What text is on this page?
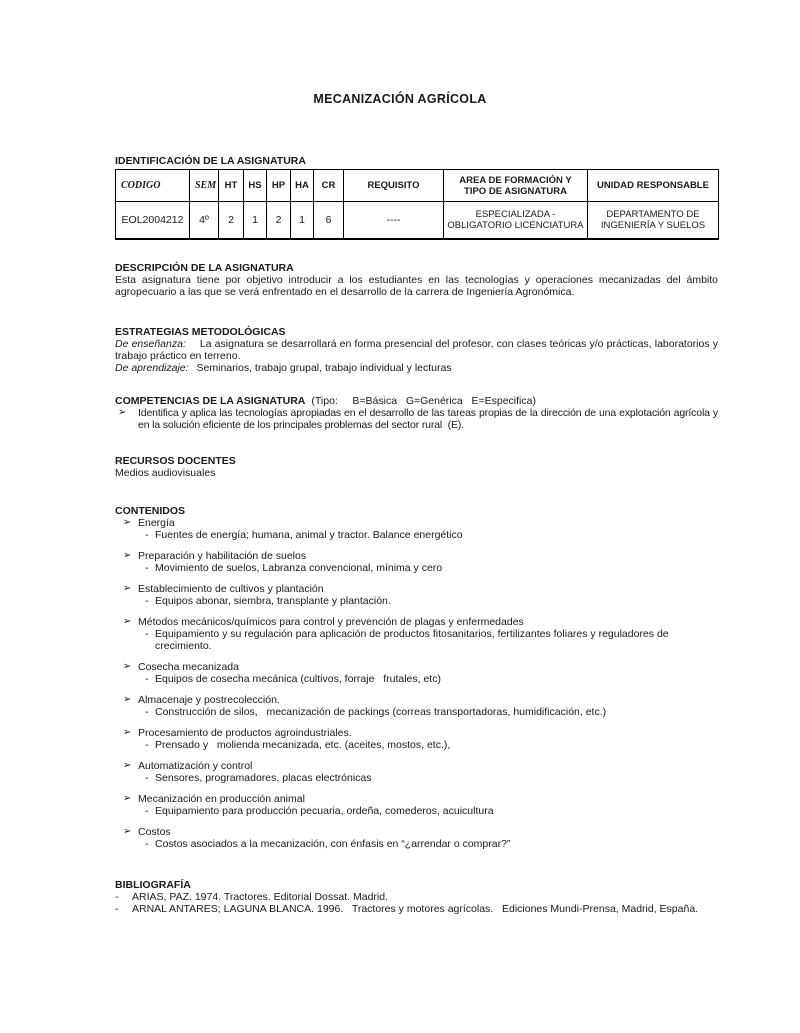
MECANIZACIÓN AGRÍCOLA

IDENTIFICACIÓN DE LA ASIGNATURA

CODIGO	SEM	HT	HS	HP	HA	CR	REQUISITO	AREA DE FORMACIÓN Y TIPO DE ASIGNATURA	UNIDAD RESPONSABLE
EOL2004212	4º	2	1	2	1	6	----	ESPECIALIZADA - OBLIGATORIO LICENCIATURA	DEPARTAMENTO DE INGENIERÍA Y SUELOS

DESCRIPCIÓN DE LA ASIGNATURA

Esta asignatura tiene por objetivo introducir a los estudiantes en las tecnologías y operaciones mecanizadas del ámbito agropecuario a las que se verá enfrentado en el desarrollo de la carrera de Ingeniería Agronómica.

ESTRATEGIAS METODOLÓGICAS

De enseñanza: La asignatura se desarrollará en forma presencial del profesor, con clases teóricas y/o prácticas, laboratorios y trabajo práctico en terreno.

De aprendizaje: Seminarios, trabajo grupal, trabajo individual y lecturas

COMPETENCIAS DE LA ASIGNATURA (Tipo:     B=Básica   G=Genérica   E=Especifica)

➢ Identifica y aplica las tecnologías apropiadas en el desarrollo de las tareas propias de la dirección de una explotación agrícola y en la solución eficiente de los principales problemas del sector rural  (E).

RECURSOS DOCENTES

Medios audiovisuales

CONTENIDOS

➢ Energía
- Fuentes de energía; humana, animal y tractor. Balance energético
➢ Preparación y habilitación de suelos
- Movimiento de suelos, Labranza convencional, mínima y cero
➢ Establecimiento de cultivos y plantación
- Equipos abonar, siembra, transplante y plantación.
➢ Métodos mecánicos/químicos para control y prevención de plagas y enfermedades
- Equipamiento y su regulación para aplicación de productos fitosanitarios, fertilizantes foliares y reguladores de crecimiento.
➢ Cosecha mecanizada
- Equipos de cosecha mecánica (cultivos, forraje   frutales, etc)
➢ Almacenaje y postrecolección.
- Construcción de silos,   mecanización de packings (correas transportadoras, humidificación, etc.)
➢ Procesamiento de productos agroindustriales.
- Prensado y   molienda mecanizada, etc. (aceites, mostos, etc.),
➢ Automatización y control
- Sensores, programadores, placas electrónicas
➢ Mecanización en producción animal
- Equipamiento para producción pecuaria, ordeña, comederos, acuicultura
➢ Costos
- Costos asociados a la mecanización, con énfasis en “¿arrendar o comprar?”

BIBLIOGRAFÍA

- ARIAS, PAZ. 1974. Tractores. Editorial Dossat. Madrid.

- ARNAL ANTARES; LAGUNA BLANCA. 1996.   Tractores y motores agrícolas.   Ediciones Mundi-Prensa, Madrid, España.
